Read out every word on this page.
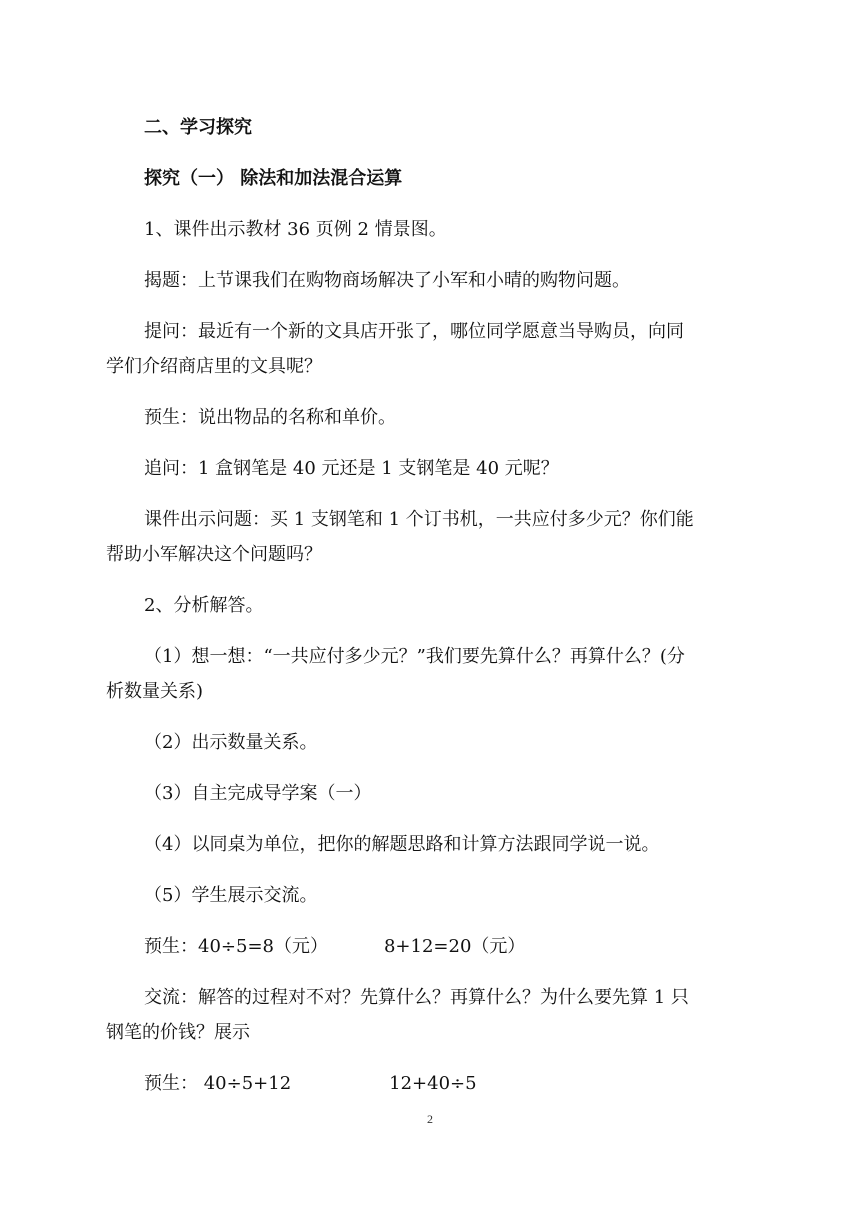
二、学习探究

探究（一） 除法和加法混合运算

1、课件出示教材 36 页例 2 情景图。

揭题：上节课我们在购物商场解决了小军和小晴的购物问题。

提问：最近有一个新的文具店开张了，哪位同学愿意当导购员，向同

学们介绍商店里的文具呢？

预生：说出物品的名称和单价。

追问：1 盒钢笔是 40 元还是 1 支钢笔是 40 元呢？

课件出示问题：买 1 支钢笔和 1 个订书机，一共应付多少元？你们能

帮助小军解决这个问题吗？

2、分析解答。

（1）想一想：“一共应付多少元？”我们要先算什么？再算什么？(分

析数量关系)

（2）出示数量关系。

（3）自主完成导学案（一）

（4）以同桌为单位，把你的解题思路和计算方法跟同学说一说。

（5）学生展示交流。

预生：40÷5=8（元）	8+12=20（元）

交流：解答的过程对不对？先算什么？再算什么？为什么要先算 1 只

钢笔的价钱？展示

预生： 40÷5+12	12+40÷5

2
